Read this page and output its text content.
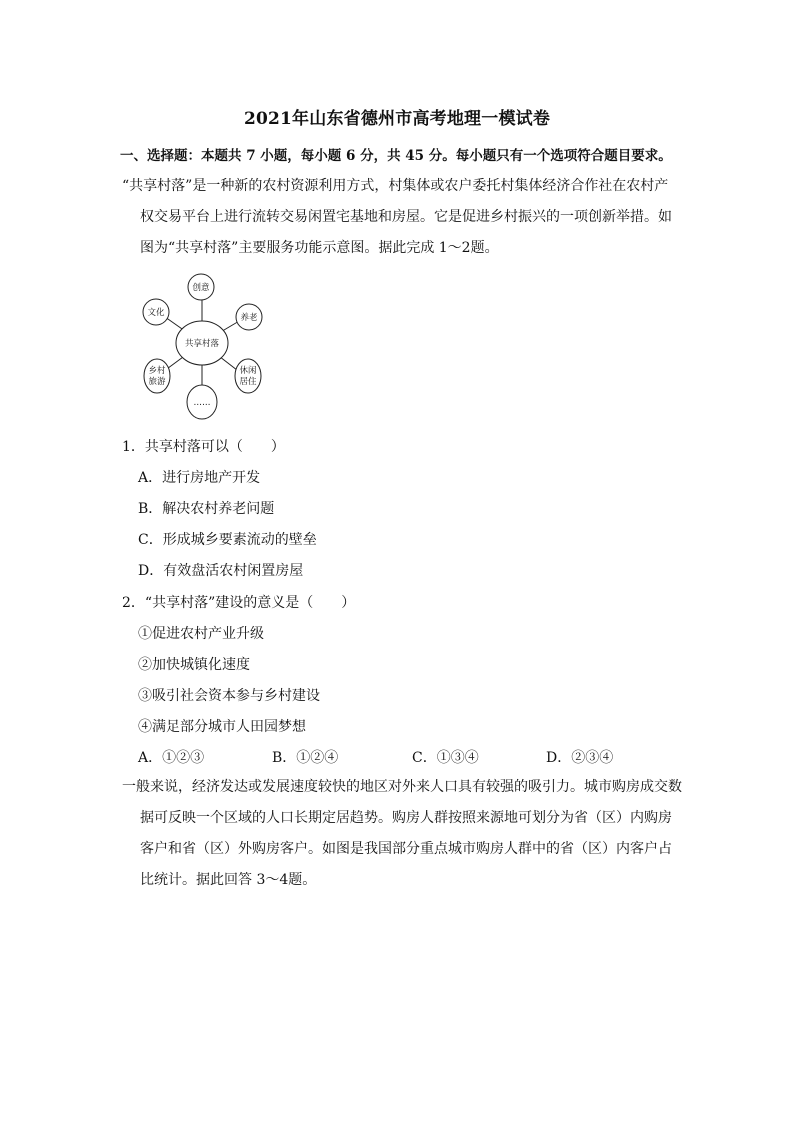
2021年山东省德州市高考地理一模试卷
一、选择题：本题共 7 小题，每小题 6 分，共 45 分。每小题只有一个选项符合题目要求。
“共享村落”是一种新的农村资源利用方式，村集体或农户委托村集体经济合作社在农村产
权交易平台上进行流转交易闲置宅基地和房屋。它是促进乡村振兴的一项创新举措。如
图为“共享村落”主要服务功能示意图。据此完成 1～2题。
共享村落
创意
文化	养老
乡村
旅游
休闲
居住
……
1．共享村落可以（　　）
A．进行房地产开发
B．解决农村养老问题
C．形成城乡要素流动的壁垒
D．有效盘活农村闲置房屋
2．“共享村落”建设的意义是（　　）
①促进农村产业升级
②加快城镇化速度
③吸引社会资本参与乡村建设
④满足部分城市人田园梦想
A．①②③	B．①②④	C．①③④	D．②③④
一般来说，经济发达或发展速度较快的地区对外来人口具有较强的吸引力。城市购房成交数
据可反映一个区域的人口长期定居趋势。购房人群按照来源地可划分为省（区）内购房
客户和省（区）外购房客户。如图是我国部分重点城市购房人群中的省（区）内客户占
比统计。据此回答 3～4题。
